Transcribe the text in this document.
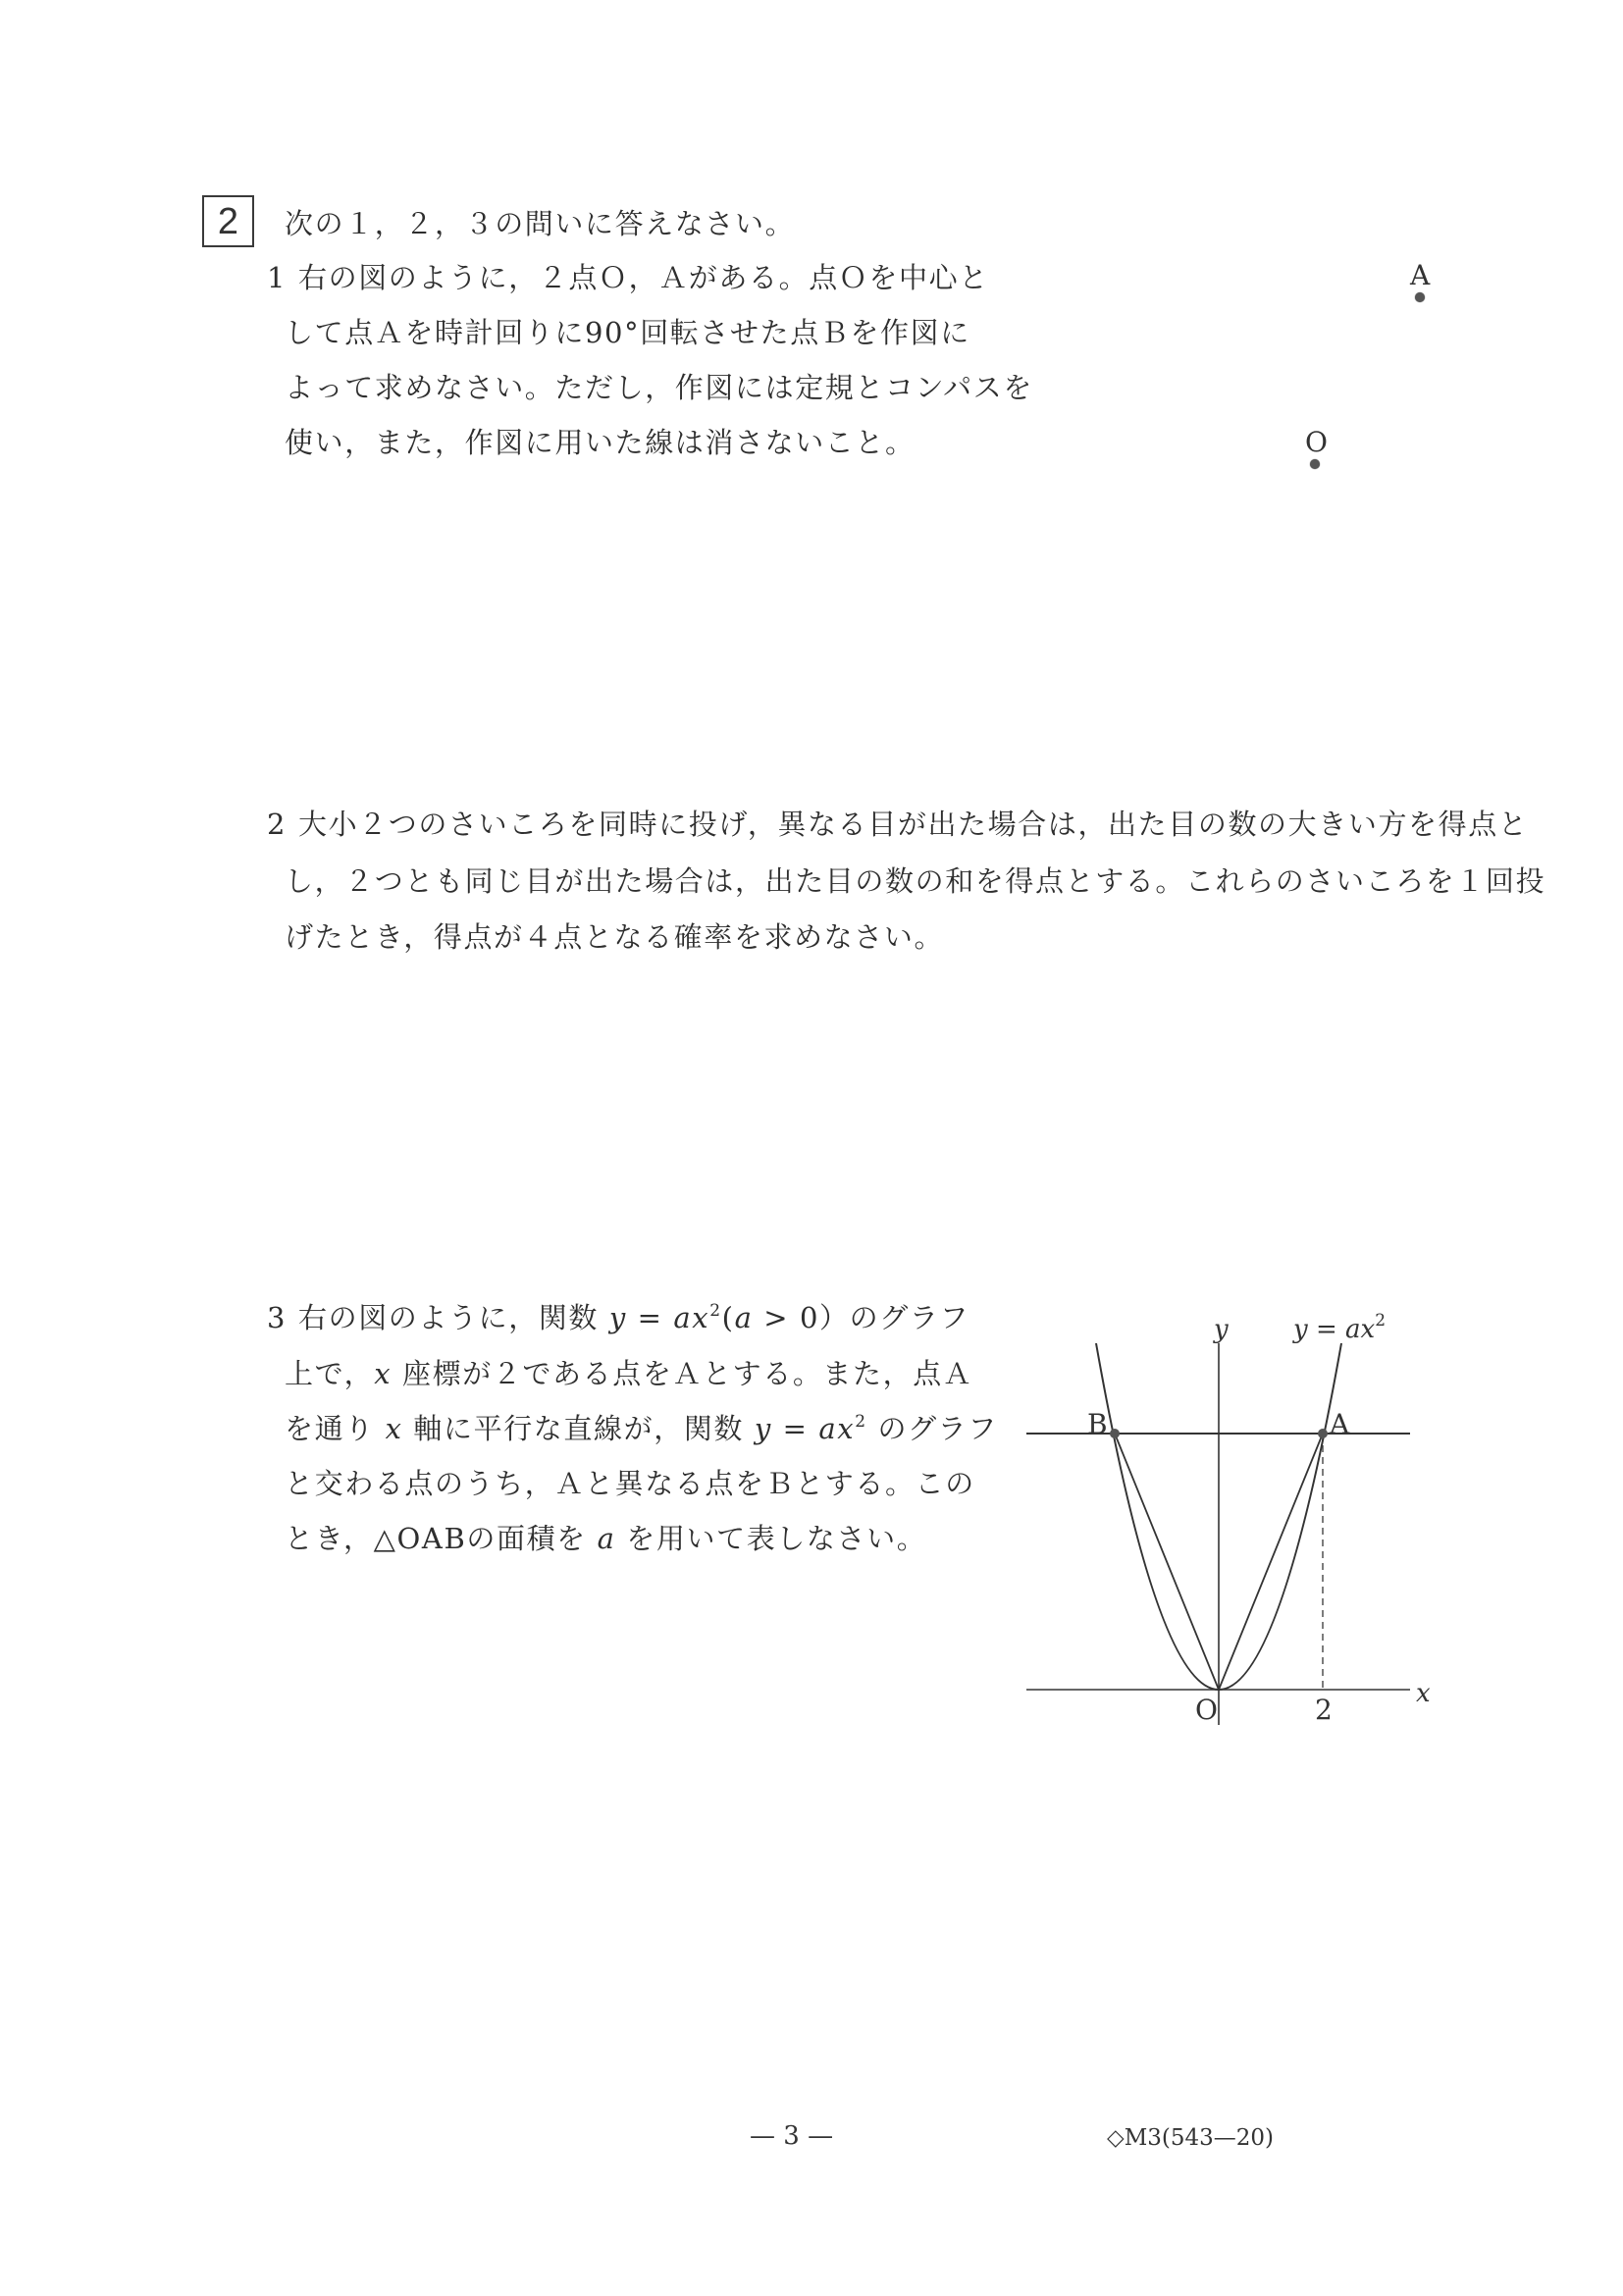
2	次の１，２，３の問いに答えなさい。
1 右の図のように，２点Ｏ，Ａがある。点Ｏを中心と
して点Ａを時計回りに90°回転させた点Ｂを作図に
よって求めなさい。ただし，作図には定規とコンパスを
使い，また，作図に用いた線は消さないこと。
A
O
2 大小２つのさいころを同時に投げ，異なる目が出た場合は，出た目の数の大きい方を得点と
し，２つとも同じ目が出た場合は，出た目の数の和を得点とする。これらのさいころを１回投
げたとき，得点が４点となる確率を求めなさい。
3 右の図のように，関数 $y = ax^2(a > 0)$のグラフ
上で，x 座標が２である点をＡとする。また，点Ａ
を通り x 軸に平行な直線が，関数 $y = ax^2$ のグラフ
と交わる点のうち，Ａと異なる点をＢとする。この
とき，△OABの面積を a を用いて表しなさい。
y	$y = ax^2$
B	A
O	2	x
— 3 —	◇M3(543—20)
